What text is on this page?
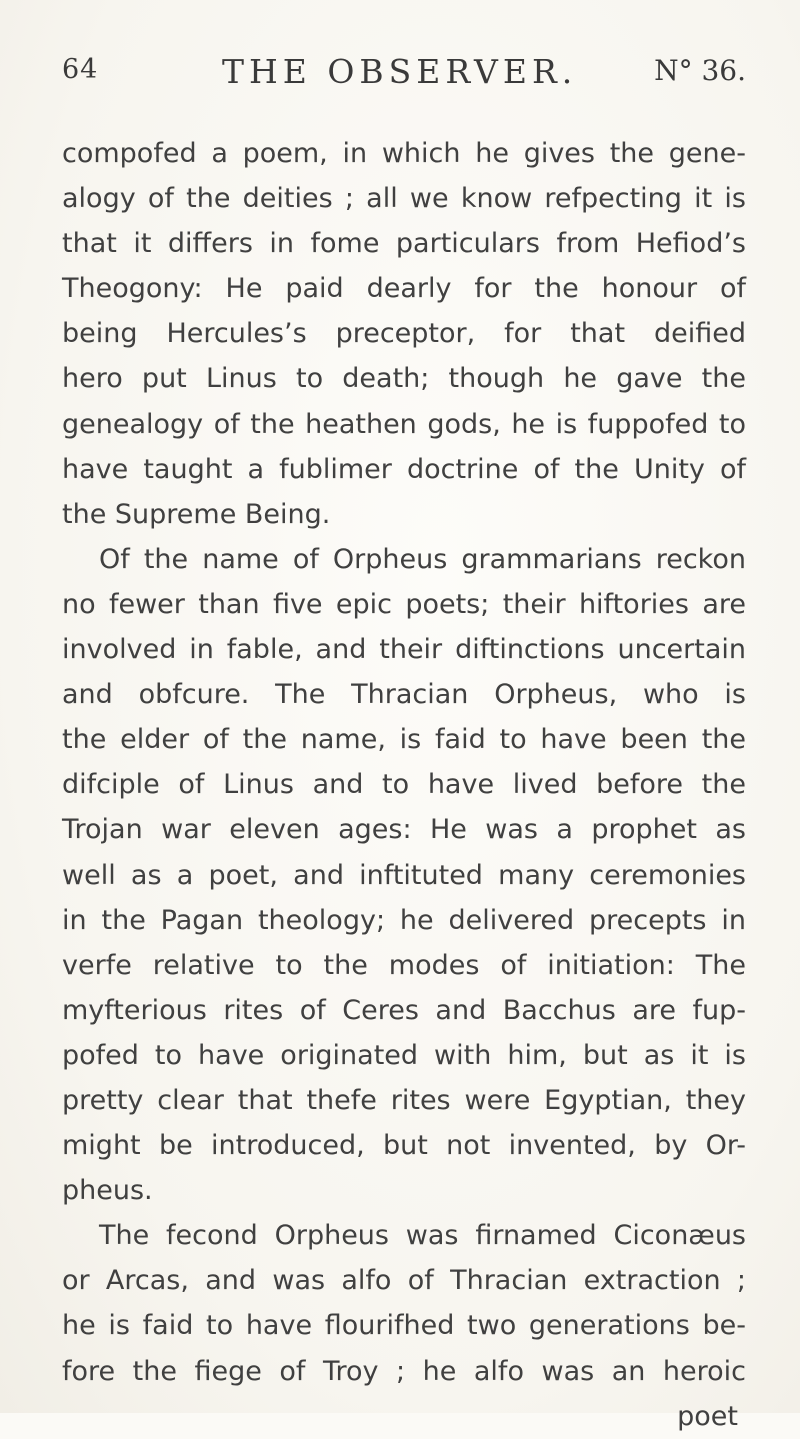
64	THE OBSERVER.	N° 36.
compofed a poem, in which he gives the gene-
alogy of the deities ; all we know refpecting it is
that it differs in fome particulars from Hefiod’s
Theogony: He paid dearly for the honour of
being Hercules’s preceptor, for that deified
hero put Linus to death; though he gave the
genealogy of the heathen gods, he is fuppofed to
have taught a fublimer doctrine of the Unity of
the Supreme Being.
Of the name of Orpheus grammarians reckon
no fewer than five epic poets; their hiftories are
involved in fable, and their diftinctions uncertain
and obfcure. The Thracian Orpheus, who is
the elder of the name, is faid to have been the
difciple of Linus and to have lived before the
Trojan war eleven ages: He was a prophet as
well as a poet, and inftituted many ceremonies
in the Pagan theology; he delivered precepts in
verfe relative to the modes of initiation: The
myfterious rites of Ceres and Bacchus are fup-
pofed to have originated with him, but as it is
pretty clear that thefe rites were Egyptian, they
might be introduced, but not invented, by Or-
pheus.
The fecond Orpheus was firnamed Ciconæus
or Arcas, and was alfo of Thracian extraction ;
he is faid to have flourifhed two generations be-
fore the fiege of Troy ; he alfo was an heroic
poet
